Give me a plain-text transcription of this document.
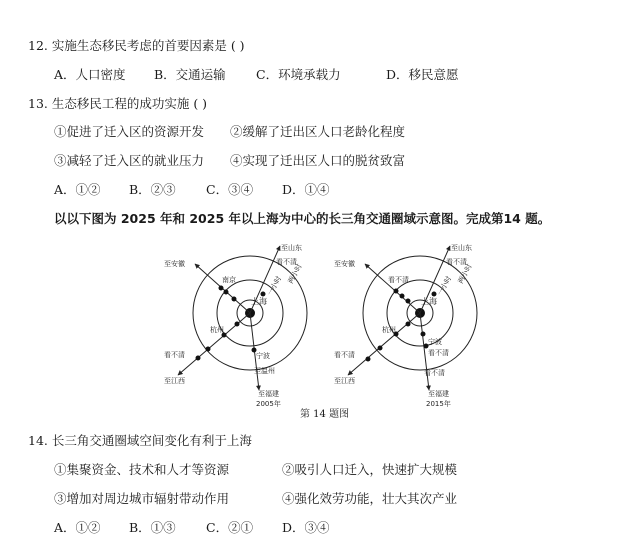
12. 实施生态移民考虑的首要因素是 ( )
A．人口密度 B．交通运输 C．环境承载力	D．移民意愿
13. 生态移民工程的成功实施 ( )
①促进了迁入区的资源开发 ②缓解了迁出区人口老龄化程度
③减轻了迁入区的就业压力 ④实现了迁出区人口的脱贫致富
A．①② B．②③ C．③④ D．①④
以以下图为 2025 年和 2025 年以上海为中心的长三角交通圈域示意图。完成第14 题。
上海
至山东
看不清
至安徽
南京
杭州
看不清
至江西
宁波
至温州
至福建
2005年
一小时
两小时
上海
至山东
看不清
至安徽
看不清
杭州
看不清
至江西
宁波
看不清
看不清
至福建
2015年
一小时
两小时
第 14 题图
14. 长三角交通圈域空间变化有利于上海
①集聚资金、技术和人才等资源	②吸引人口迁入，快速扩大规模
③增加对周边城市辐射带动作用	④强化效劳功能，壮大其次产业
A．①② B．①③ C．②① D．③④
